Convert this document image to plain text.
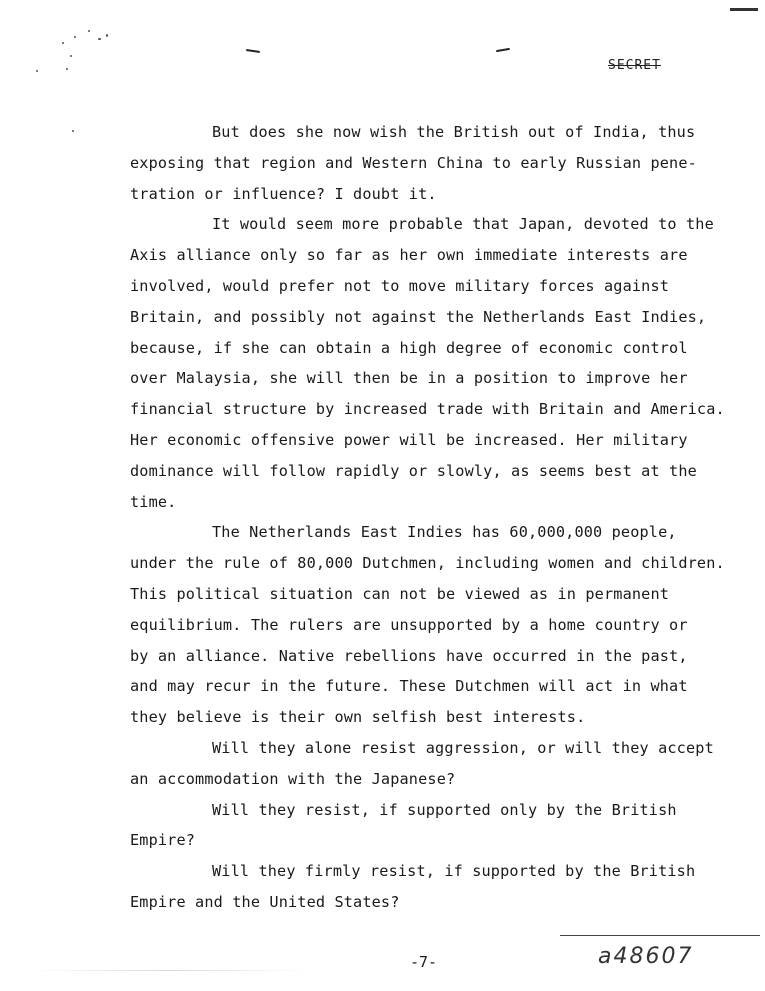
SECRET

But does she now wish the British out of India, thus
exposing that region and Western China to early Russian pene-
tration or influence? I doubt it.

It would seem more probable that Japan, devoted to the
Axis alliance only so far as her own immediate interests are
involved, would prefer not to move military forces against
Britain, and possibly not against the Netherlands East Indies,
because, if she can obtain a high degree of economic control
over Malaysia, she will then be in a position to improve her
financial structure by increased trade with Britain and America.
Her economic offensive power will be increased. Her military
dominance will follow rapidly or slowly, as seems best at the
time.

The Netherlands East Indies has 60,000,000 people,
under the rule of 80,000 Dutchmen, including women and children.
This political situation can not be viewed as in permanent
equilibrium. The rulers are unsupported by a home country or
by an alliance. Native rebellions have occurred in the past,
and may recur in the future. These Dutchmen will act in what
they believe is their own selfish best interests.

Will they alone resist aggression, or will they accept
an accommodation with the Japanese?

Will they resist, if supported only by the British
Empire?

Will they firmly resist, if supported by the British
Empire and the United States?

-7-	a48607
